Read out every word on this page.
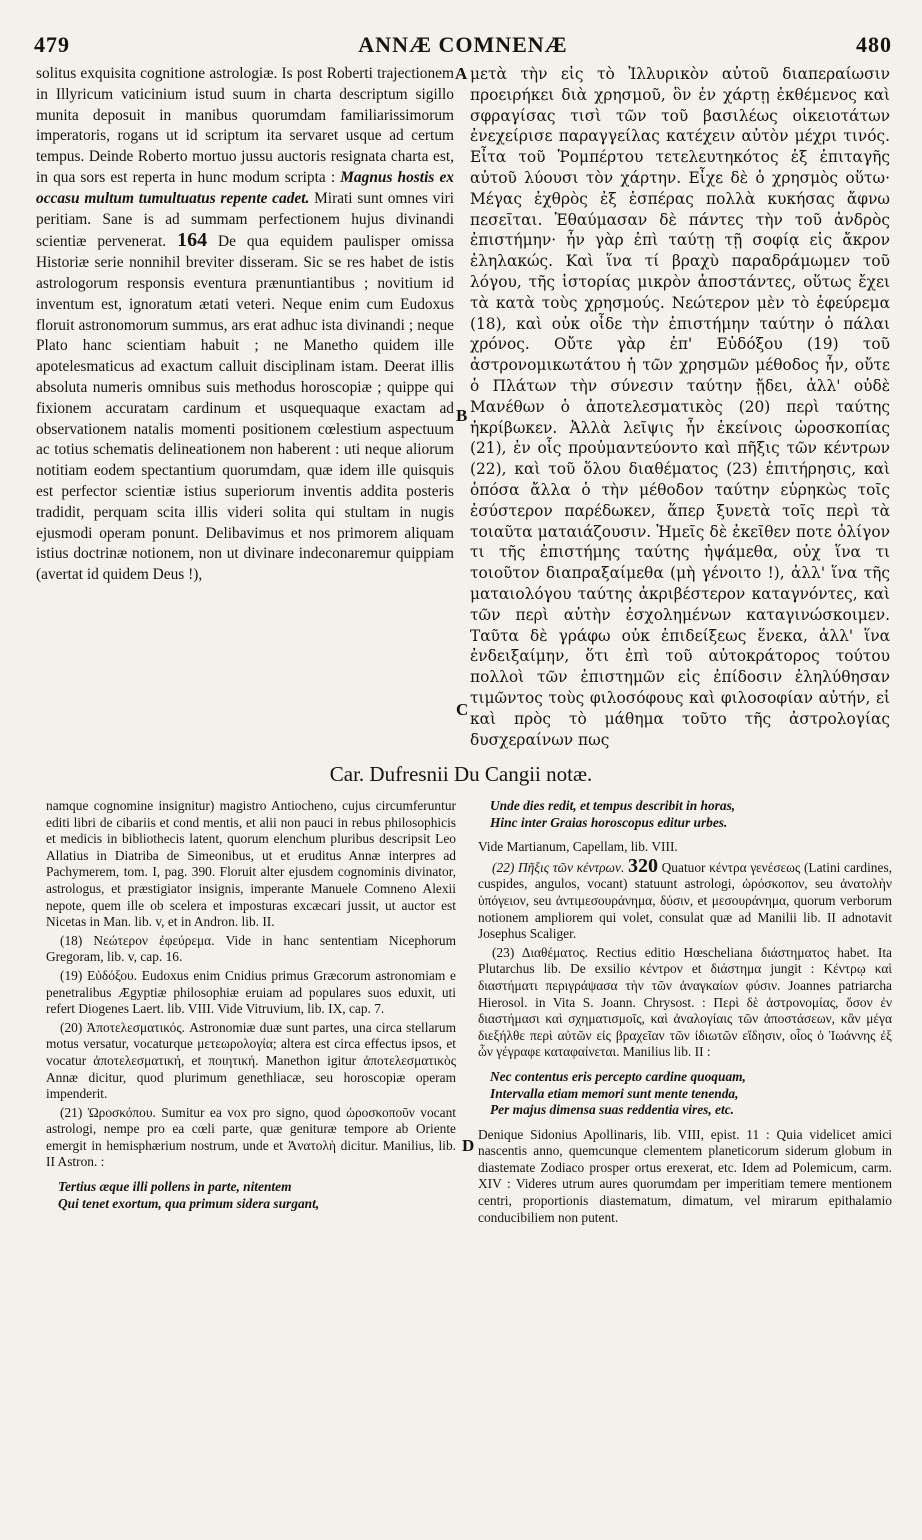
479	ANNÆ COMNENÆ	480

solitus exquisita cognitione astrologiæ. Is post Roberti trajectionem in Illyricum vaticinium istud suum in charta descriptum sigillo munita deposuit in manibus quorumdam familiarissimorum imperatoris, rogans ut id scriptum ita servaret usque ad certum tempus. Deinde Roberto mortuo jussu auctoris resignata charta est, in qua sors est reperta in hunc modum scripta : Magnus hostis ex occasu multum tumultuatus repente cadet. Mirati sunt omnes viri peritiam. Sane is ad summam perfectionem hujus divinandi scientiæ pervenerat. 164 De qua equidem paulisper omissa Historiæ serie nonnihil breviter disseram. Sic se res habet de istis astrologorum responsis eventura prænuntiantibus ; novitium id inventum est, ignoratum ætati veteri. Neque enim cum Eudoxus floruit astronomorum summus, ars erat adhuc ista divinandi ; neque Plato hanc scientiam habuit ; ne Manetho quidem ille apotelesmaticus ad exactum calluit disciplinam istam. Deerat illis absoluta numeris omnibus suis methodus horoscopiæ ; quippe qui fixionem accuratam cardinum et usquequaque exactam ad observationem natalis momenti positionem cœlestium aspectuum ac totius schematis delineationem non haberent : uti neque aliorum notitiam eodem spectantium quorumdam, quæ idem ille quisquis est perfector scientiæ istius superiorum inventis addita posteris tradidit, perquam scita illis videri solita qui stultam in nugis ejusmodi operam ponunt. Delibavimus et nos primorem aliquam istius doctrinæ notionem, non ut divinare indeconaremur quippiam (avertat id quidem Deus !),

A
B
C
D

μετὰ τὴν εἰς τὸ Ἰλλυρικὸν αὐτοῦ διαπεραίωσιν προειρήκει διὰ χρησμοῦ, ὃν ἐν χάρτῃ ἐκθέμενος καὶ σφραγίσας τισὶ τῶν τοῦ βασιλέως οἰκειοτάτων ἐνεχείρισε παραγγείλας κατέχειν αὐτὸν μέχρι τινός. Εἶτα τοῦ Ῥομπέρτου τετελευτηκότος ἐξ ἐπιταγῆς αὐτοῦ λύουσι τὸν χάρτην. Εἶχε δὲ ὁ χρησμὸς οὕτω· Μέγας ἐχθρὸς ἐξ ἑσπέρας πολλὰ κυκήσας ἄφνω πεσεῖται. Ἐθαύμασαν δὲ πάντες τὴν τοῦ ἀνδρὸς ἐπιστήμην· ἦν γὰρ ἐπὶ ταύτῃ τῇ σοφίᾳ εἰς ἄκρον ἐληλακώς. Καὶ ἵνα τί βραχὺ παραδράμωμεν τοῦ λόγου, τῆς ἱστορίας μικρὸν ἀποστάντες, οὕτως ἔχει τὰ κατὰ τοὺς χρησμούς. Νεώτερον μὲν τὸ ἐφεύρεμα (18), καὶ οὐκ οἶδε τὴν ἐπιστήμην ταύτην ὁ πάλαι χρόνος. Οὔτε γὰρ ἐπ' Εὐδόξου (19) τοῦ ἀστρονομικωτάτου ἡ τῶν χρησμῶν μέθοδος ἦν, οὔτε ὁ Πλάτων τὴν σύνεσιν ταύτην ᾔδει, ἀλλ' οὐδὲ Μανέθων ὁ ἀποτελεσματικὸς (20) περὶ ταύτης ἠκρίβωκεν. Ἀλλὰ λεῖψις ἦν ἐκείνοις ὡροσκοπίας (21), ἐν οἷς προὐμαντεύοντο καὶ πῆξις τῶν κέντρων (22), καὶ τοῦ ὅλου διαθέματος (23) ἐπιτήρησις, καὶ ὁπόσα ἄλλα ὁ τὴν μέθοδον ταύτην εὑρηκὼς τοῖς ἐσύστερον παρέδωκεν, ἅπερ ξυνετὰ τοῖς περὶ τὰ τοιαῦτα ματαιάζουσιν. Ἡμεῖς δὲ ἐκεῖθεν ποτε ὀλίγον τι τῆς ἐπιστήμης ταύτης ἠψάμεθα, οὐχ ἵνα τι τοιοῦτον διαπραξαίμεθα (μὴ γένοιτο !), ἀλλ' ἵνα τῆς ματαιολόγου ταύτης ἀκριβέστερον καταγνόντες, καὶ τῶν περὶ αὐτὴν ἐσχολημένων καταγινώσκοιμεν. Ταῦτα δὲ γράφω οὐκ ἐπιδείξεως ἕνεκα, ἀλλ' ἵνα ἐνδειξαίμην, ὅτι ἐπὶ τοῦ αὐτοκράτορος τούτου πολλοὶ τῶν ἐπιστημῶν εἰς ἐπίδοσιν ἐληλύθησαν τιμῶντος τοὺς φιλοσόφους καὶ φιλοσοφίαν αὐτήν, εἰ καὶ πρὸς τὸ μάθημα τοῦτο τῆς ἀστρολογίας δυσχεραίνων πως

Car. Dufresnii Du Cangii notæ.

namque cognomine insignitur) magistro Antiocheno, cujus circumferuntur editi libri de cibariis et cond mentis, et alii non pauci in rebus philosophicis et medicis in bibliothecis latent, quorum elenchum pluribus descripsit Leo Allatius in Diatriba de Simeonibus, ut et eruditus Annæ interpres ad Pachymerem, tom. I, pag. 390. Floruit alter ejusdem cognominis divinator, astrologus, et præstigiator insignis, imperante Manuele Comneno Alexii nepote, quem ille ob scelera et imposturas excæcari jussit, ut auctor est Nicetas in Man. lib. v, et in Andron. lib. II.

(18) Νεώτερον ἐφεύρεμα. Vide in hanc sententiam Nicephorum Gregoram, lib. v, cap. 16.

(19) Εὐδόξου. Eudoxus enim Cnidius primus Græcorum astronomiam e penetralibus Ægyptiæ philosophiæ eruiam ad populares suos eduxit, uti refert Diogenes Laert. lib. VIII. Vide Vitruvium, lib. IX, cap. 7.

(20) Ἀποτελεσματικός. Astronomiæ duæ sunt partes, una circa stellarum motus versatur, vocaturque μετεωρολογία; altera est circa effectus ipsos, et vocatur ἀποτελεσματική, et ποιητική. Manethon igitur ἀποτελεσματικὸς Annæ dicitur, quod plurimum genethliacæ, seu horoscopiæ operam impenderit.

(21) Ὡροσκόπου. Sumitur ea vox pro signo, quod ὡροσκοποῦν vocant astrologi, nempe pro ea cœli parte, quæ genituræ tempore ab Oriente emergit in hemisphærium nostrum, unde et Ἀνατολὴ dicitur. Manilius, lib. II Astron. :

Tertius æque illi pollens in parte, nitentem
Qui tenet exortum, qua primum sidera surgant,

Unde dies redit, et tempus describit in horas,
Hinc inter Graias horoscopus editur urbes.

Vide Martianum, Capellam, lib. VIII.

(22) Πῆξις τῶν κέντρων. 320 Quatuor κέντρα γενέσεως (Latini cardines, cuspides, angulos, vocant) statuunt astrologi, ὡρόσκοπον, seu ἀνατολὴν ὑπόγειον, seu ἀντιμεσουράνημα, δύσιν, et μεσουράνημα, quorum verborum notionem ampliorem qui volet, consulat quæ ad Manilii lib. II adnotavit Josephus Scaliger.

(23) Διαθέματος. Rectius editio Hœscheliana διάστηματος habet. Ita Plutarchus lib. De exsilio κέντρον et διάστημα jungit : Κέντρῳ καὶ διαστήματι περιγράψασα τὴν τῶν ἀναγκαίων φύσιν. Joannes patriarcha Hierosol. in Vita S. Joann. Chrysost. : Περὶ δὲ ἀστρονομίας, ὅσον ἐν διαστήμασι καὶ σχηματισμοῖς, καὶ ἀναλογίαις τῶν ἀποστάσεων, κἂν μέγα διεξήλθε περὶ αὐτῶν εἰς βραχεῖαν τῶν ἰδιωτῶν εἴδησιν, οἷος ὁ Ἰωάννης ἐξ ὧν γέγραφε καταφαίνεται. Manilius lib. II :

Nec contentus eris percepto cardine quoquam,
Intervalla etiam memori sunt mente tenenda,
Per majus dimensa suas reddentia vires, etc.

Denique Sidonius Apollinaris, lib. VIII, epist. 11 : Quia videlicet amici nascentis anno, quemcunque clementem planeticorum siderum globum in diastemate Zodiaco prosper ortus erexerat, etc. Idem ad Polemicum, carm. XIV : Videres utrum aures quorumdam per imperitiam temere mentionem centri, proportionis diastematum, dimatum, vel mirarum epithalamio conducibiliem non putent.
